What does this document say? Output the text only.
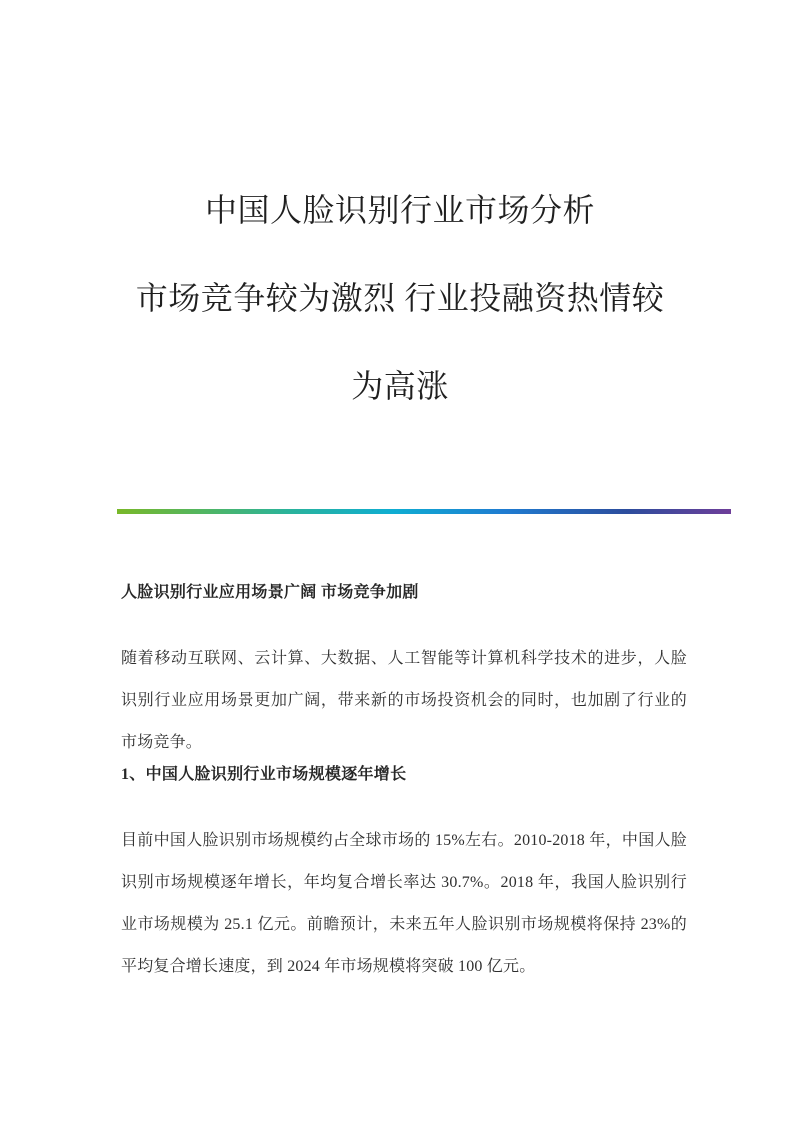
中国人脸识别行业市场分析
市场竞争较为激烈 行业投融资热情较
为高涨
人脸识别行业应用场景广阔 市场竞争加剧

随着移动互联网、云计算、大数据、人工智能等计算机科学技术的进步，人脸识别行业应用场景更加广阔，带来新的市场投资机会的同时，也加剧了行业的市场竞争。

1、中国人脸识别行业市场规模逐年增长

目前中国人脸识别市场规模约占全球市场的 15%左右。2010-2018 年，中国人脸识别市场规模逐年增长，年均复合增长率达 30.7%。2018 年，我国人脸识别行业市场规模为 25.1 亿元。前瞻预计，未来五年人脸识别市场规模将保持 23%的平均复合增长速度，到 2024 年市场规模将突破 100 亿元。
